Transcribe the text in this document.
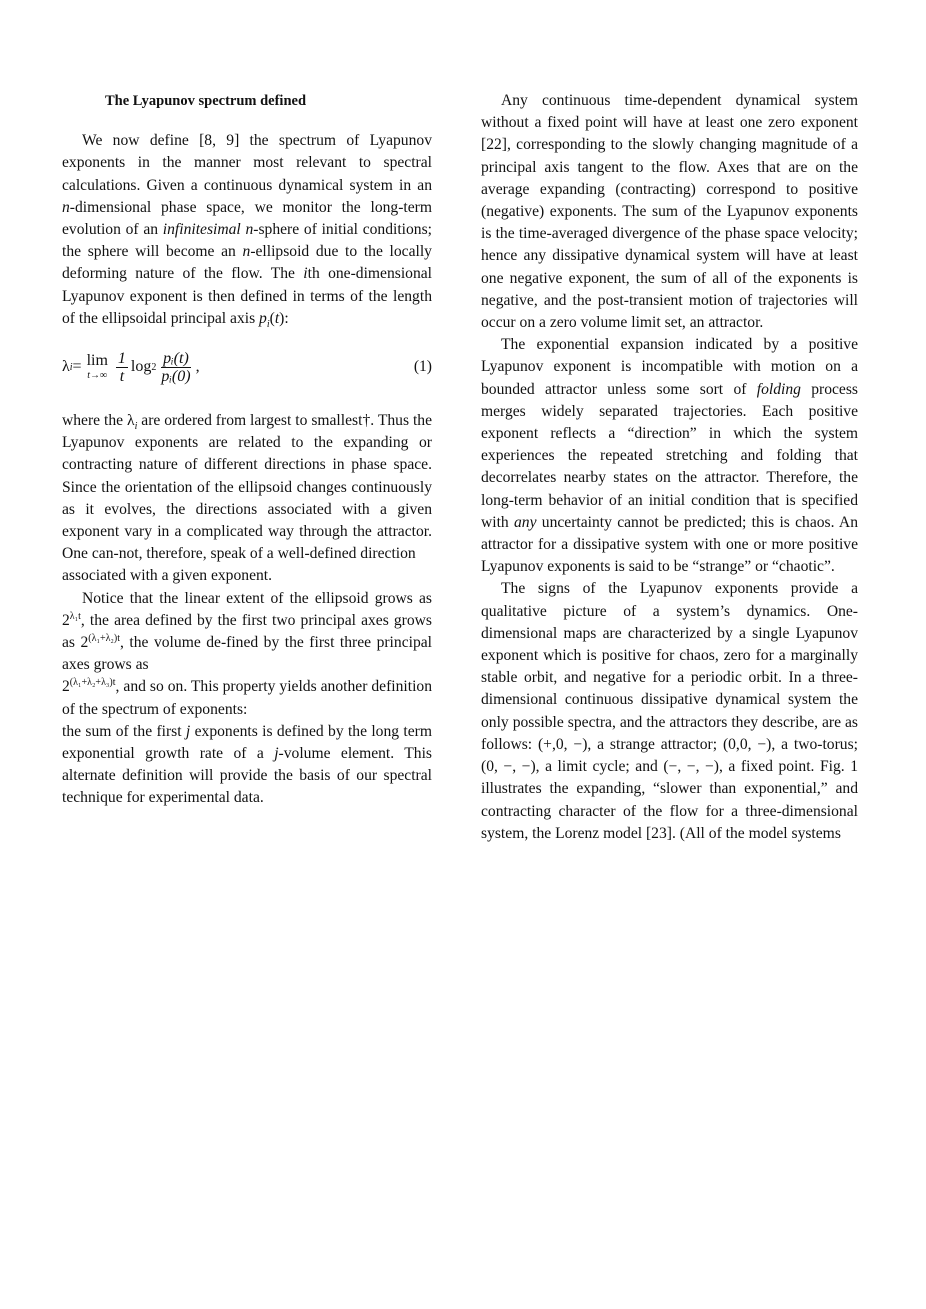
The Lyapunov spectrum defined

We now define [8, 9] the spectrum of Lyapunov exponents in the manner most relevant to spectral calculations. Given a continuous dynamical system in an n-dimensional phase space, we monitor the long-term evolution of an infinitesimal n-sphere of initial conditions; the sphere will become an n-ellipsoid due to the locally deforming nature of the flow. The ith one-dimensional Lyapunov exponent is then defined in terms of the length of the ellipsoidal principal axis $p_i(t)$:

λ i = lim
$t\to\infty \frac{1}{t}$ $\log 2 \frac{\text{pᵢ(t)}}{\text{pᵢ(0)}}$ ,	(1)

where the $\lambda_i$ are ordered from largest to smallest†. Thus the Lyapunov exponents are related to the expanding or contracting nature of different directions in phase space. Since the orientation of the ellipsoid changes continuously as it evolves, the directions associated with a given exponent vary in a complicated way through the attractor. One can-not, therefore, speak of a well-defined direction

associated with a given exponent.

Notice that the linear extent of the ellipsoid grows as $2^{\lambda_1t}$, the area defined by the first two principal axes grows as $2^{(\lambda_1+\lambda_2)t}$, the volume de-fined by the first three principal axes grows as
$2^{(\lambda_1+\lambda_2+\lambda_3)t}$, and so on. This property yields another definition of the spectrum of exponents:
the sum of the first j exponents is defined by the long term exponential growth rate of a j-volume element. This alternate definition will provide the basis of our spectral technique for experimental data.

Any continuous time-dependent dynamical system without a fixed point will have at least one zero exponent [22], corresponding to the slowly changing magnitude of a principal axis tangent to the flow. Axes that are on the average expanding (contracting) correspond to positive (negative) exponents. The sum of the Lyapunov exponents is the time-averaged divergence of the phase space velocity; hence any dissipative dynamical system will have at least one negative exponent, the sum of all of the exponents is negative, and the post-transient motion of trajectories will occur on a zero volume limit set, an attractor.

The exponential expansion indicated by a positive Lyapunov exponent is incompatible with motion on a bounded attractor unless some sort of folding process merges widely separated trajectories. Each positive exponent reflects a “direction” in which the system experiences the repeated stretching and folding that decorrelates nearby states on the attractor. Therefore, the long-term behavior of an initial condition that is specified with any uncertainty cannot be predicted; this is chaos. An attractor for a dissipative system with one or more positive Lyapunov exponents is said to be “strange” or “chaotic”.

The signs of the Lyapunov exponents provide a qualitative picture of a system’s dynamics. One-dimensional maps are characterized by a single Lyapunov exponent which is positive for chaos, zero for a marginally stable orbit, and negative for a periodic orbit. In a three-dimensional continuous dissipative dynamical system the only possible spectra, and the attractors they describe, are as follows: (+,0, −), a strange attractor; (0,0, −), a two-torus; (0, −, −), a limit cycle; and (−, −, −), a fixed point. Fig. 1 illustrates the expanding, “slower than exponential,” and contracting character of the flow for a three-dimensional system, the Lorenz model [23]. (All of the model systems
